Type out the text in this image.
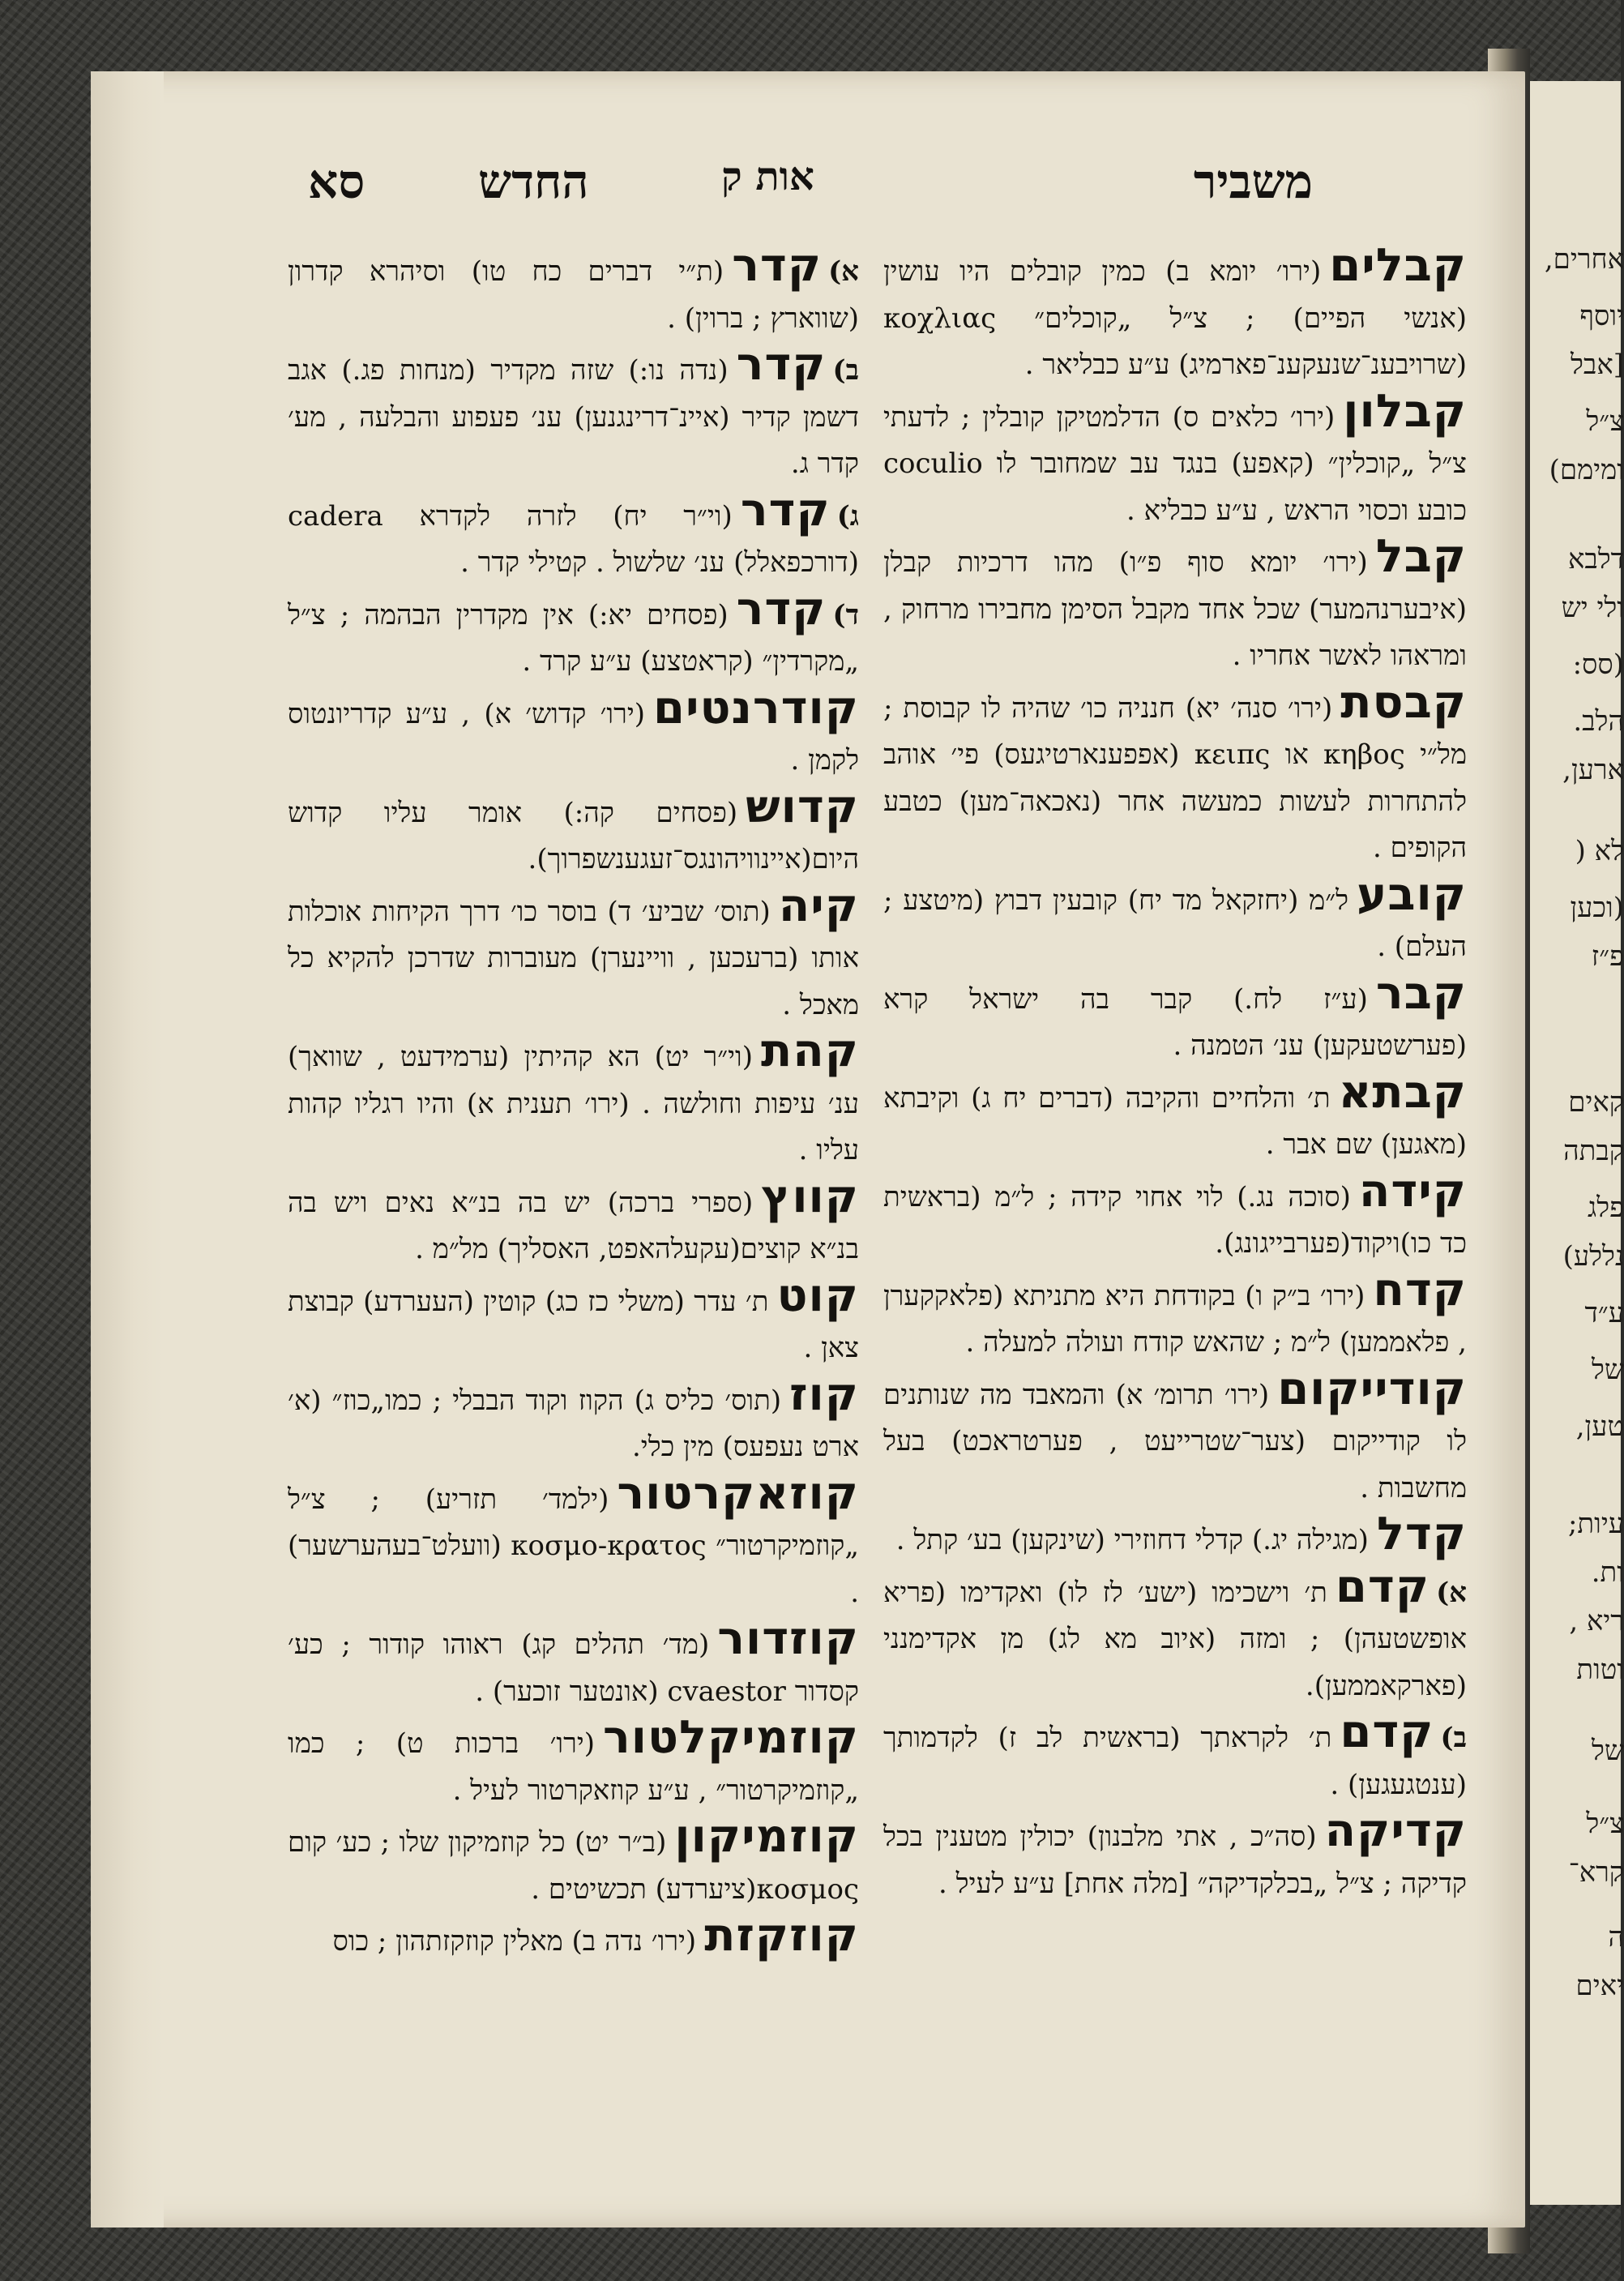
אחרים,
יוסף
[אבל
צ״ל
ומימם)
דלבא
ולי יש
(סס:
הלב.
ארען,
לא (
(וכען
פ״ז
קאים
קבתה
פלג
נללע)
ע״ד
של
טען,
עיות;
ות.
ריא ,
וטות
של
צ״ל
קרא־
ה
יאים
משביר
אות ק
החדש
סא

קבלים(ירו׳ יומא ב) כמין קובלים היו עושין (אנשי הפיים) ; צ״ל „קוכלים״ κοχλιας (שרויבענ־שנעקענ־פארמיג) ע״ע כבליאר .

קבלון(ירו׳ כלאים ס) הדלמטיקן קובלין ; לדעתי צ״ל „קוכלין״ (קאפע) בנגד עב שמחובר לו coculio כובע וכסוי הראש , ע״ע כבליא .

קבל(ירו׳ יומא סוף פ״ו) מהו דרכיות קבלן (איבערנהמער) שכל אחד מקבל הסימן מחבירו מרחוק , ומראהו לאשר אחריו .

קבסת(ירו׳ סנה׳ יא) חנניה כו׳ שהיה לו קבוסת ; מל״י κηβος או κειπς (אפפענארטיגעס) פי׳ אוהב להתחרות לעשות כמעשה אחר (נאכאה־מען) כטבע הקופים .

קובעל״מ (יחזקאל מד יח) קובעין דבוץ (מיטצע ; העלם) .

קבר(ע״ז לח.) קבר בה ישראל קרא (פערשטעקען) ענ׳ הטמנה .

קבתאת׳ והלחיים והקיבה (דברים יח ג) וקיבתא (מאגען) שם אבר .

קידה(סוכה נג.) לוי אחוי קידה ; ל״מ (בראשית כד כו)ויקוד(פערבייגונג).

קדח(ירו׳ ב״ק ו) בקודחת היא מתניתא (פלאקקערן , פלאממען) ל״מ ; שהאש קודח ועולה למעלה .

קודייקום(ירו׳ תרומ׳ א) והמאבד מה שנותנים לו קודייקום (צער־שטרייעט , פערטראכט) בעל מחשבות .

קדל(מגילה יג.) קדלי דחוזירי (שינקען) בע׳ קתל .

א)קדםת׳ וישכימו (ישע׳ לז לו) ואקדימו (פריא אופשטעהן) ; ומזה (איוב מא לג) מן אקדימנני (פארקאממען).

ב)קדםת׳ לקראתך (בראשית לב ז) לקדמותך (ענטגעגען) .

קדיקה(סה״כ , אתי מלבנון) יכולין מטענין בכל קדיקה ; צ״ל „בכלקדיקה״ [מלה אחת] ע״ע לעיל .

א)קדר(ת״י דברים כח טו) וסיהרא קדרון (שווארץ ; ברוין) .

ב)קדר(נדה נו:) שזה מקדיר (מנחות פג.) אגב דשמן קדיר (איינ־דרינגנען) ענ׳ פעפוע והבלעה , מע׳ קדר ג.

ג)קדר(וי״ר יח) לזרה לקדרא cadera (דורכפאלל) ענ׳ שלשול . קטילי קדר .

ד)קדר(פסחים יא:) אין מקדרין הבהמה ; צ״ל „מקרדין״ (קראטצע) ע״ע קרד .

קודרנטים(ירו׳ קדוש׳ א) , ע״ע קדריונטוס לקמן .

קדוש(פסחים קה:) אומר עליו קדוש היום(איינוויהונגס־זעגענשפרוך).

קיה(תוס׳ שביע׳ ד) בוסר כו׳ דרך הקיחות אוכלות אותו (ברעכען , וויינערן) מעוברות שדרכן להקיא כל מאכל .

קהת(וי״ר יט) הא קהיתין (ערמידעט , שוואך) ענ׳ עיפות וחולשה . (ירו׳ תענית א) והיו רגליו קהות עליו .

קווץ(ספרי ברכה) יש בה בנ״א נאים ויש בה בנ״א קוצים(עקעלהאפט, האסליך) מל״מ .

קוטת׳ עדר (משלי כז כג) קוטין (העערדע) קבוצת צאן .

קוז(תוס׳ כליס ג) הקוז וקוד הבבלי ; כמו„כוז״ (א׳ ארט נעפעס) מין כלי.

קוזאקרטור(ילמד׳ תזריע) ; צ״ל „קוזמיקרטור״ κοσμο-κρατος (וועלט־בעהערשער) .

קוזדור(מד׳ תהלים קג) ראוהו קודור ; כע׳ קסדור cvaestor (אונטער זוכער) .

קוזמיקלטור(ירו׳ ברכות ט) ; כמו „קוזמיקרטור״ , ע״ע קוזאקרטור לעיל .

קוזמיקון(ב״ר יט) כל קוזמיקון שלו ; כע׳ קום κοσμος(ציערדע) תכשיטים .

קוזקזת(ירו׳ נדה ב) מאלין קוזקזתהון ; כוס
